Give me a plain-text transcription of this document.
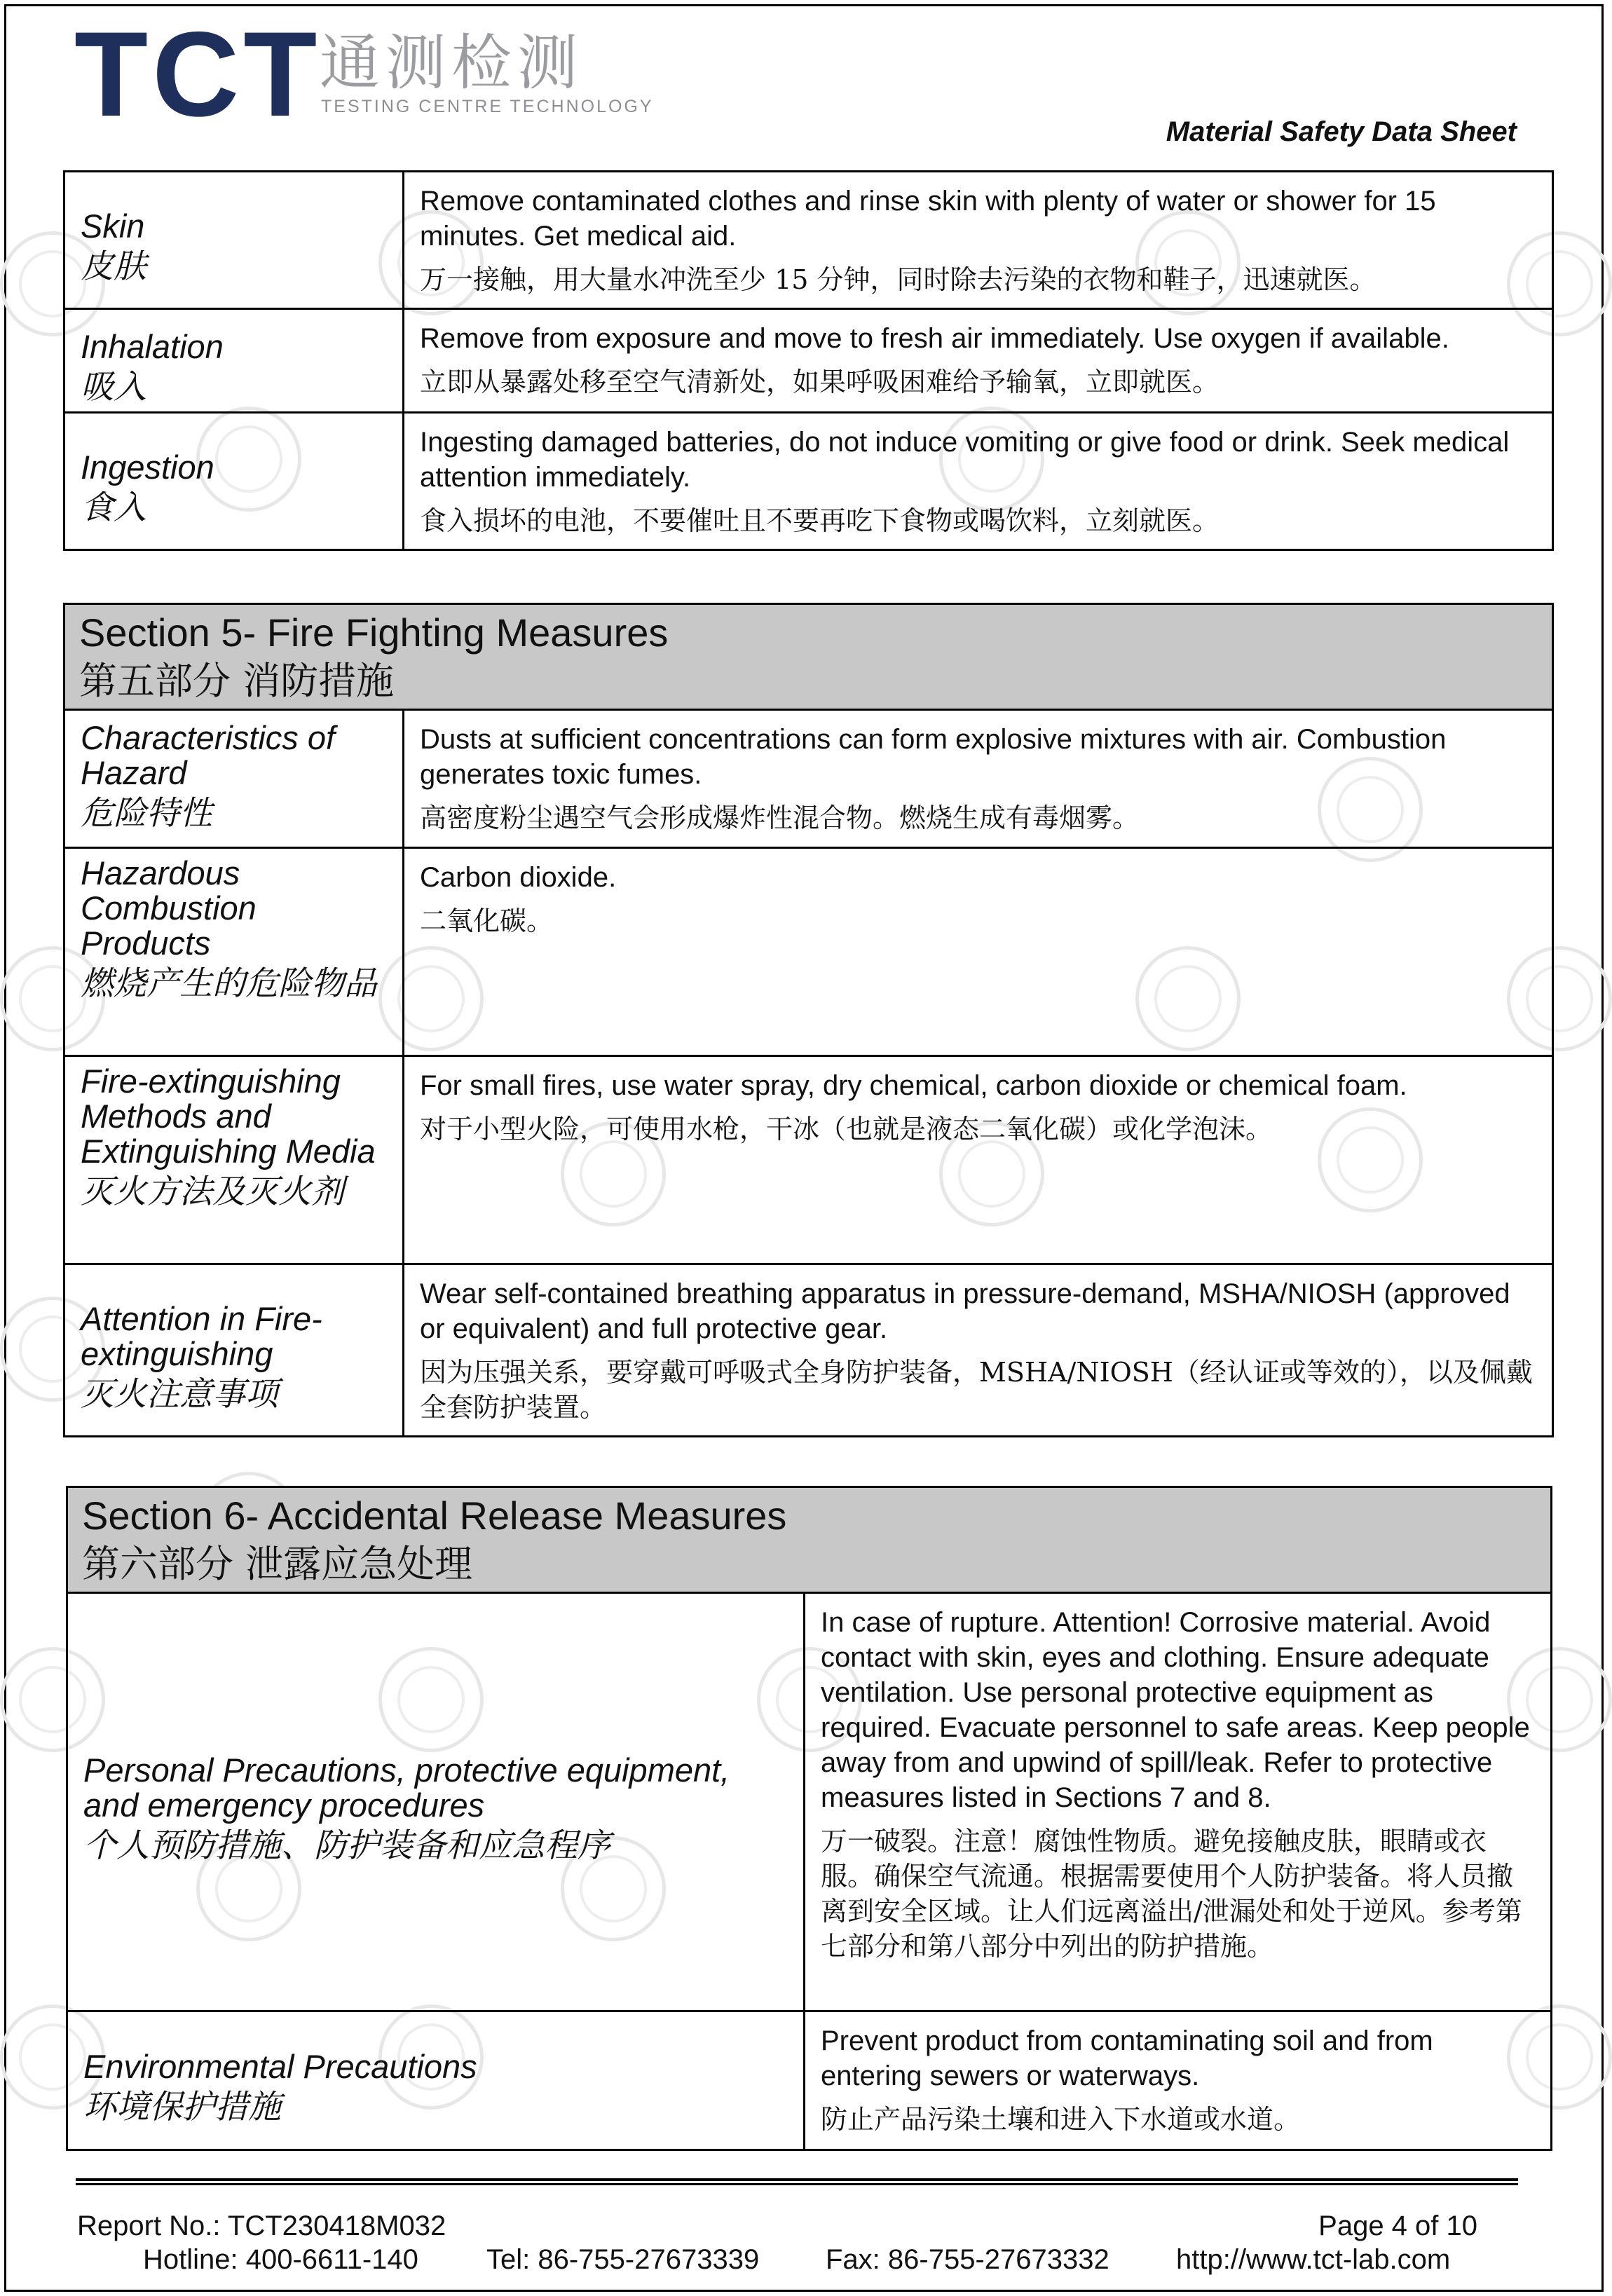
TCT
通测检测
TESTING CENTRE TECHNOLOGY
Material Safety Data Sheet
Skin
皮肤	Remove contaminated clothes and rinse skin with plenty of water or shower for 15 minutes. Get medical aid.
万一接触，用大量水冲洗至少 15 分钟，同时除去污染的衣物和鞋子，迅速就医。

Inhalation
吸入	Remove from exposure and move to fresh air immediately. Use oxygen if available.
立即从暴露处移至空气清新处，如果呼吸困难给予输氧，立即就医。

Ingestion
食入	Ingesting damaged batteries, do not induce vomiting or give food or drink. Seek medical attention immediately.
食入损坏的电池，不要催吐且不要再吃下食物或喝饮料，立刻就医。
Section 5- Fire Fighting Measures
第五部分 消防措施	

Characteristics of Hazard
危险特性	Dusts at sufficient concentrations can form explosive mixtures with air. Combustion generates toxic fumes.
高密度粉尘遇空气会形成爆炸性混合物。燃烧生成有毒烟雾。

Hazardous Combustion Products
燃烧产生的危险物品	Carbon dioxide.
二氧化碳。

Fire-extinguishing Methods and Extinguishing Media
灭火方法及灭火剂	For small fires, use water spray, dry chemical, carbon dioxide or chemical foam.
对于小型火险，可使用水枪，干冰（也就是液态二氧化碳）或化学泡沫。

Attention in Fire-extinguishing
灭火注意事项	Wear self-contained breathing apparatus in pressure-demand, MSHA/NIOSH (approved or equivalent) and full protective gear.
因为压强关系，要穿戴可呼吸式全身防护装备，MSHA/NIOSH（经认证或等效的），以及佩戴全套防护装置。
Section 6- Accidental Release Measures
第六部分 泄露应急处理	

Personal Precautions, protective equipment, and emergency procedures
个人预防措施、防护装备和应急程序	In case of rupture. Attention! Corrosive material. Avoid contact with skin, eyes and clothing. Ensure adequate ventilation. Use personal protective equipment as required. Evacuate personnel to safe areas. Keep people away from and upwind of spill/leak. Refer to protective measures listed in Sections 7 and 8.
万一破裂。注意！腐蚀性物质。避免接触皮肤，眼睛或衣服。确保空气流通。根据需要使用个人防护装备。将人员撤离到安全区域。让人们远离溢出/泄漏处和处于逆风。参考第七部分和第八部分中列出的防护措施。

Environmental Precautions
环境保护措施	Prevent product from contaminating soil and from entering sewers or waterways.
防止产品污染土壤和进入下水道或水道。
Report No.: TCT230418M032	Page 4 of 10
Hotline: 400-6611-140 Tel: 86-755-27673339 Fax: 86-755-27673332 http://www.tct-lab.com
